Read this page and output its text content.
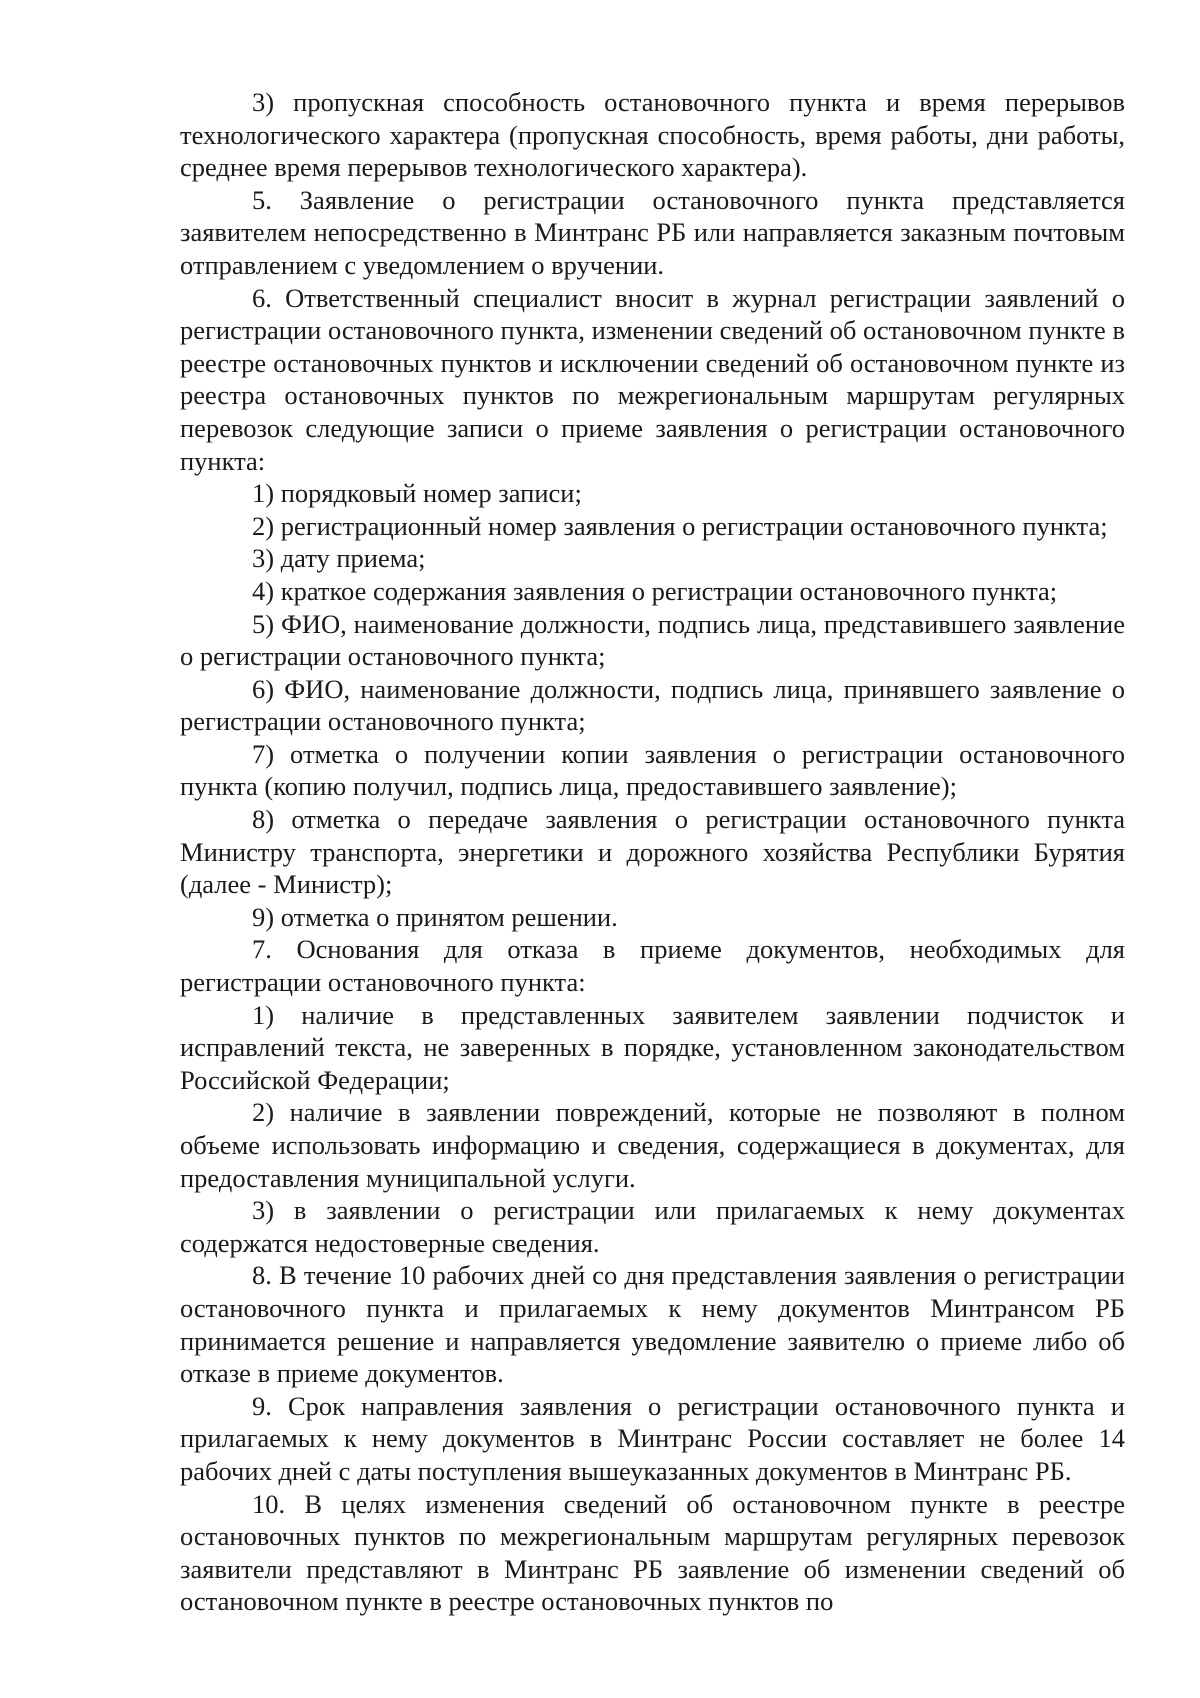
3) пропускная способность остановочного пункта и время перерывов технологического характера (пропускная способность, время работы, дни работы, среднее время перерывов технологического характера).

5. Заявление о регистрации остановочного пункта представляется заявителем непосредственно в Минтранс РБ или направляется заказным почтовым отправлением с уведомлением о вручении.

6. Ответственный специалист вносит в журнал регистрации заявлений о регистрации остановочного пункта, изменении сведений об остановочном пункте в реестре остановочных пунктов и исключении сведений об остановочном пункте из реестра остановочных пунктов по межрегиональным маршрутам регулярных перевозок следующие записи о приеме заявления о регистрации остановочного пункта:

1) порядковый номер записи;

2) регистрационный номер заявления о регистрации остановочного пункта;

3) дату приема;

4) краткое содержания заявления о регистрации остановочного пункта;

5) ФИО, наименование должности, подпись лица, представившего заявление о регистрации остановочного пункта;

6) ФИО, наименование должности, подпись лица, принявшего заявление о регистрации остановочного пункта;

7) отметка о получении копии заявления о регистрации остановочного пункта (копию получил, подпись лица, предоставившего заявление);

8) отметка о передаче заявления о регистрации остановочного пункта Министру транспорта, энергетики и дорожного хозяйства Республики Бурятия (далее - Министр);

9) отметка о принятом решении.

7. Основания для отказа в приеме документов, необходимых для регистрации остановочного пункта:

1) наличие в представленных заявителем заявлении подчисток и исправлений текста, не заверенных в порядке, установленном законодательством Российской Федерации;

2) наличие в заявлении повреждений, которые не позволяют в полном объеме использовать информацию и сведения, содержащиеся в документах, для предоставления муниципальной услуги.

3) в заявлении о регистрации или прилагаемых к нему документах содержатся недостоверные сведения.

8. В течение 10 рабочих дней со дня представления заявления о регистрации остановочного пункта и прилагаемых к нему документов Минтрансом РБ принимается решение и направляется уведомление заявителю о приеме либо об отказе в приеме документов.

9. Срок направления заявления о регистрации остановочного пункта и прилагаемых к нему документов в Минтранс России составляет не более 14 рабочих дней с даты поступления вышеуказанных документов в Минтранс РБ.

10. В целях изменения сведений об остановочном пункте в реестре остановочных пунктов по межрегиональным маршрутам регулярных перевозок заявители представляют в Минтранс РБ заявление об изменении сведений об остановочном пункте в реестре остановочных пунктов по
